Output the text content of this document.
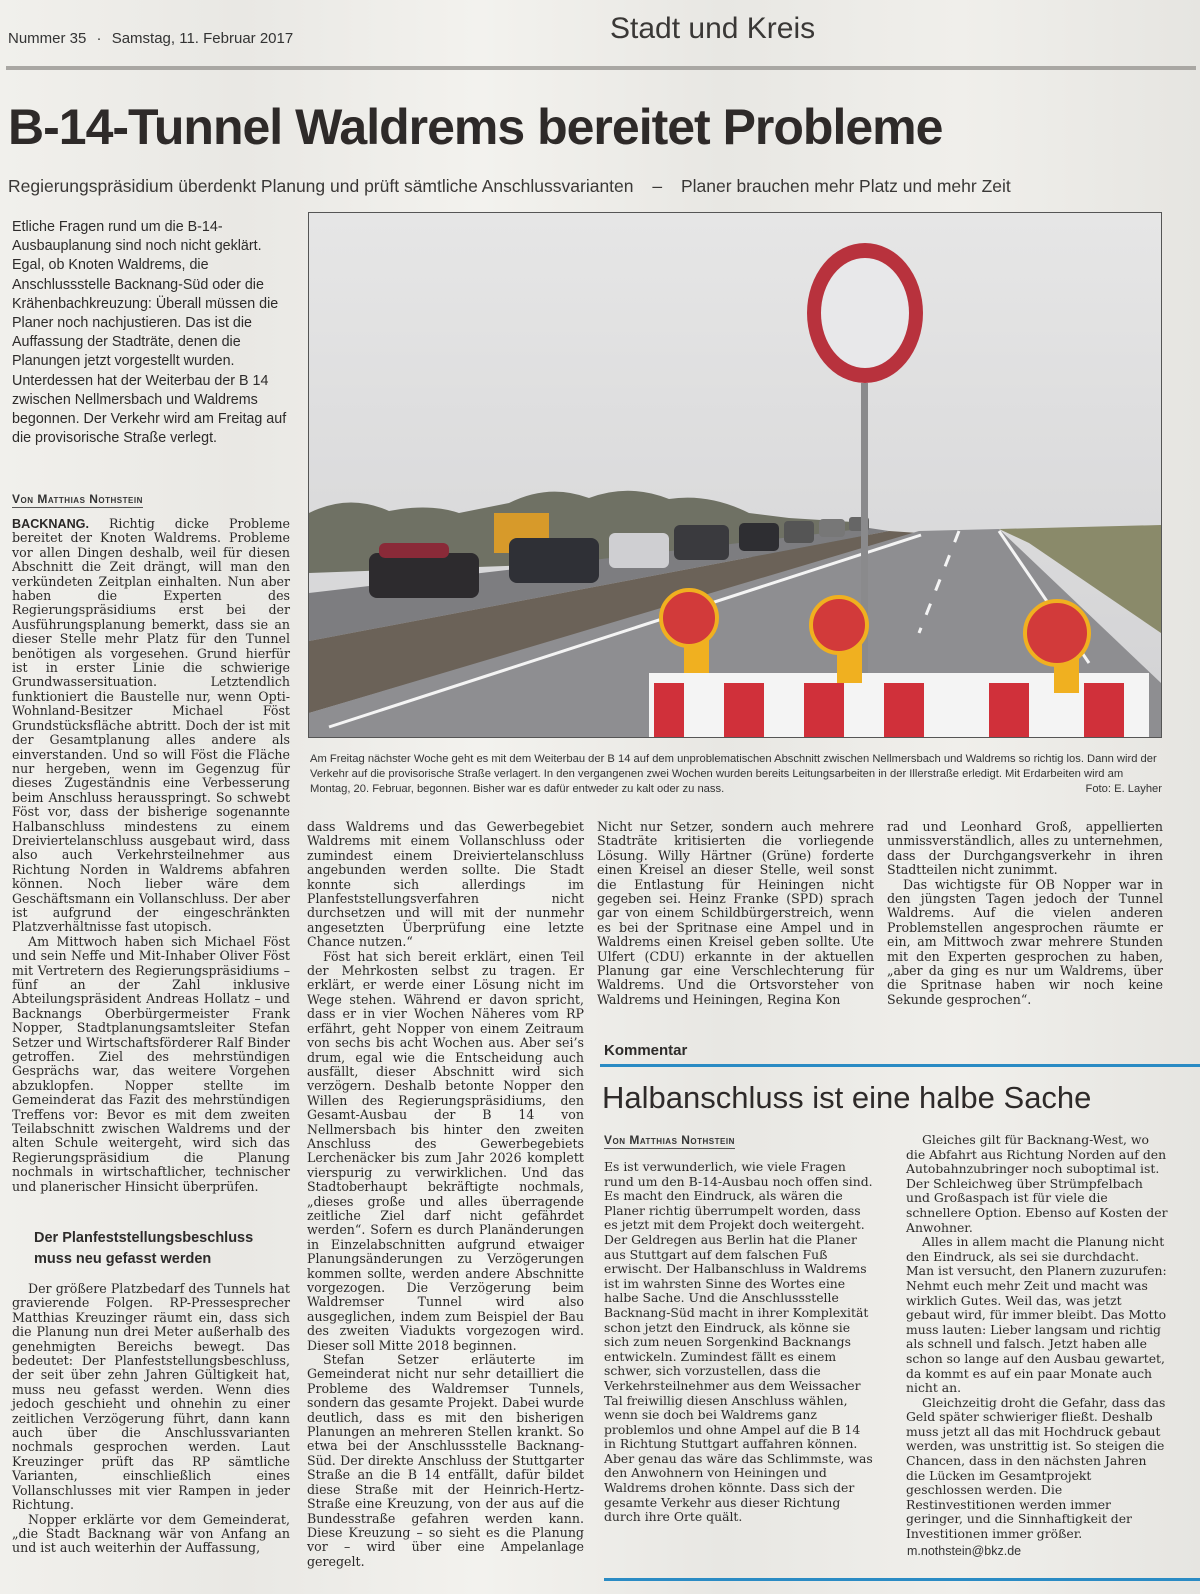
Nummer 35 · Samstag, 11. Februar 2017	Stadt und Kreis
B-14-Tunnel Waldrems bereitet Probleme
Regierungspräsidium überdenkt Planung und prüft sämtliche Anschlussvarianten – Planer brauchen mehr Platz und mehr Zeit
Etliche Fragen rund um die B-14-Ausbauplanung sind noch nicht geklärt. Egal, ob Knoten Waldrems, die Anschlussstelle Backnang-Süd oder die Krähenbachkreuzung: Überall müssen die Planer noch nachjustieren. Das ist die Auffassung der Stadträte, denen die Planungen jetzt vorgestellt wurden. Unterdessen hat der Weiterbau der B 14 zwischen Nellmersbach und Waldrems begonnen. Der Verkehr wird am Freitag auf die provisorische Straße verlegt.
Von Matthias Nothstein

BACKNANG. Richtig dicke Probleme bereitet der Knoten Waldrems. Probleme vor allen Dingen deshalb, weil für diesen Abschnitt die Zeit drängt, will man den verkündeten Zeitplan einhalten. Nun aber haben die Experten des Regierungspräsidiums erst bei der Ausführungsplanung bemerkt, dass sie an dieser Stelle mehr Platz für den Tunnel benötigen als vorgesehen. Grund hierfür ist in erster Linie die schwierige Grundwassersituation. Letztendlich funktioniert die Baustelle nur, wenn Opti-Wohnland-Besitzer Michael Föst Grundstücksfläche abtritt. Doch der ist mit der Gesamtplanung alles andere als einverstanden. Und so will Föst die Fläche nur hergeben, wenn im Gegenzug für dieses Zugeständnis eine Verbesserung beim Anschluss herausspringt. So schwebt Föst vor, dass der bisherige sogenannte Halbanschluss mindestens zu einem Dreiviertelanschluss ausgebaut wird, dass also auch Verkehrsteilnehmer aus Richtung Norden in Waldrems abfahren können. Noch lieber wäre dem Geschäftsmann ein Vollanschluss. Der aber ist aufgrund der eingeschränkten Platzverhältnisse fast utopisch.

Am Mittwoch haben sich Michael Föst und sein Neffe und Mit-Inhaber Oliver Föst mit Vertretern des Regierungspräsidiums – fünf an der Zahl inklusive Abteilungspräsident Andreas Hollatz – und Backnangs Oberbürgermeister Frank Nopper, Stadtplanungsamtsleiter Stefan Setzer und Wirtschaftsförderer Ralf Binder getroffen. Ziel des mehrstündigen Gesprächs war, das weitere Vorgehen abzuklopfen. Nopper stellte im Gemeinderat das Fazit des mehrstündigen Treffens vor: Bevor es mit dem zweiten Teilabschnitt zwischen Waldrems und der alten Schule weitergeht, wird sich das Regierungspräsidium die Planung nochmals in wirtschaftlicher, technischer und planerischer Hinsicht überprüfen.

Der Planfeststellungsbeschluss muss neu gefasst werden

Der größere Platzbedarf des Tunnels hat gravierende Folgen. RP-Pressesprecher Matthias Kreuzinger räumt ein, dass sich die Planung nun drei Meter außerhalb des genehmigten Bereichs bewegt. Das bedeutet: Der Planfeststellungsbeschluss, der seit über zehn Jahren Gültigkeit hat, muss neu gefasst werden. Wenn dies jedoch geschieht und ohnehin zu einer zeitlichen Verzögerung führt, dann kann auch über die Anschlussvarianten nochmals gesprochen werden. Laut Kreuzinger prüft das RP sämtliche Varianten, einschließlich eines Vollanschlusses mit vier Rampen in jeder Richtung.

Nopper erklärte vor dem Gemeinderat, „die Stadt Backnang wär von Anfang an und ist auch weiterhin der Auffassung,

Am Freitag nächster Woche geht es mit dem Weiterbau der B 14 auf dem unproblematischen Abschnitt zwischen Nellmersbach und Waldrems so richtig los. Dann wird der Verkehr auf die provisorische Straße verlagert. In den vergangenen zwei Wochen wurden bereits Leitungsarbeiten in der Illerstraße erledigt. Mit Erdarbeiten wird am Montag, 20. Februar, begonnen. Bisher war es dafür entweder zu kalt oder zu nass.	Foto: E. Layher

dass Waldrems und das Gewerbegebiet Waldrems mit einem Vollanschluss oder zumindest einem Dreiviertelanschluss angebunden werden sollte. Die Stadt konnte sich allerdings im Planfeststellungsverfahren nicht durchsetzen und will mit der nunmehr angesetzten Überprüfung eine letzte Chance nutzen.“

Föst hat sich bereit erklärt, einen Teil der Mehrkosten selbst zu tragen. Er erklärt, er werde einer Lösung nicht im Wege stehen. Während er davon spricht, dass er in vier Wochen Näheres vom RP erfährt, geht Nopper von einem Zeitraum von sechs bis acht Wochen aus. Aber sei’s drum, egal wie die Entscheidung auch ausfällt, dieser Abschnitt wird sich verzögern. Deshalb betonte Nopper den Willen des Regierungspräsidiums, den Gesamt-Ausbau der B 14 von Nellmersbach bis hinter den zweiten Anschluss des Gewerbegebiets Lerchenäcker bis zum Jahr 2026 komplett vierspurig zu verwirklichen. Und das Stadtoberhaupt bekräftigte nochmals, „dieses große und alles überragende zeitliche Ziel darf nicht gefährdet werden“. Sofern es durch Planänderungen in Einzelabschnitten aufgrund etwaiger Planungsänderungen zu Verzögerungen kommen sollte, werden andere Abschnitte vorgezogen. Die Verzögerung beim Waldremser Tunnel wird also ausgeglichen, indem zum Beispiel der Bau des zweiten Viadukts vorgezogen wird. Dieser soll Mitte 2018 beginnen.

Stefan Setzer erläuterte im Gemeinderat nicht nur sehr detailliert die Probleme des Waldremser Tunnels, sondern das gesamte Projekt. Dabei wurde deutlich, dass es mit den bisherigen Planungen an mehreren Stellen krankt. So etwa bei der Anschlussstelle Backnang-Süd. Der direkte Anschluss der Stuttgarter Straße an die B 14 entfällt, dafür bildet diese Straße mit der Heinrich-Hertz-Straße eine Kreuzung, von der aus auf die Bundesstraße gefahren werden kann. Diese Kreuzung – so sieht es die Planung vor – wird über eine Ampelanlage geregelt.

Nicht nur Setzer, sondern auch mehrere Stadträte kritisierten die vorliegende Lösung. Willy Härtner (Grüne) forderte einen Kreisel an dieser Stelle, weil sonst die Entlastung für Heiningen nicht gegeben sei. Heinz Franke (SPD) sprach gar von einem Schildbürgerstreich, wenn es bei der Spritnase eine Ampel und in Waldrems einen Kreisel geben sollte. Ute Ulfert (CDU) erkannte in der aktuellen Planung gar eine Verschlechterung für Waldrems. Und die Ortsvorsteher von Waldrems und Heiningen, Regina Kon

rad und Leonhard Groß, appellierten unmissverständlich, alles zu unternehmen, dass der Durchgangsverkehr in ihren Stadtteilen nicht zunimmt.

Das wichtigste für OB Nopper war in den jüngsten Tagen jedoch der Tunnel Waldrems. Auf die vielen anderen Problemstellen angesprochen räumte er ein, am Mittwoch zwar mehrere Stunden mit den Experten gesprochen zu haben, „aber da ging es nur um Waldrems, über die Spritnase haben wir noch keine Sekunde gesprochen“.

Kommentar
Halbanschluss ist eine halbe Sache
Von Matthias Nothstein

Es ist verwunderlich, wie viele Fragen rund um den B-14-Ausbau noch offen sind. Es macht den Eindruck, als wären die Planer richtig überrumpelt worden, dass es jetzt mit dem Projekt doch weitergeht. Der Geldregen aus Berlin hat die Planer aus Stuttgart auf dem falschen Fuß erwischt. Der Halbanschluss in Waldrems ist im wahrsten Sinne des Wortes eine halbe Sache. Und die Anschlussstelle Backnang-Süd macht in ihrer Komplexität schon jetzt den Eindruck, als könne sie sich zum neuen Sorgenkind Backnangs entwickeln. Zumindest fällt es einem schwer, sich vorzustellen, dass die Verkehrsteilnehmer aus dem Weissacher Tal freiwillig diesen Anschluss wählen, wenn sie doch bei Waldrems ganz problemlos und ohne Ampel auf die B 14 in Richtung Stuttgart auffahren können. Aber genau das wäre das Schlimmste, was den Anwohnern von Heiningen und Waldrems drohen könnte. Dass sich der gesamte Verkehr aus dieser Richtung durch ihre Orte quält.

Gleiches gilt für Backnang-West, wo die Abfahrt aus Richtung Norden auf den Autobahnzubringer noch suboptimal ist. Der Schleichweg über Strümpfelbach und Großaspach ist für viele die schnellere Option. Ebenso auf Kosten der Anwohner.

Alles in allem macht die Planung nicht den Eindruck, als sei sie durchdacht. Man ist versucht, den Planern zuzurufen: Nehmt euch mehr Zeit und macht was wirklich Gutes. Weil das, was jetzt gebaut wird, für immer bleibt. Das Motto muss lauten: Lieber langsam und richtig als schnell und falsch. Jetzt haben alle schon so lange auf den Ausbau gewartet, da kommt es auf ein paar Monate auch nicht an.

Gleichzeitig droht die Gefahr, dass das Geld später schwieriger fließt. Deshalb muss jetzt all das mit Hochdruck gebaut werden, was unstrittig ist. So steigen die Chancen, dass in den nächsten Jahren die Lücken im Gesamtprojekt geschlossen werden. Die Restinvestitionen werden immer geringer, und die Sinnhaftigkeit der Investitionen immer größer.

m.nothstein@bkz.de
